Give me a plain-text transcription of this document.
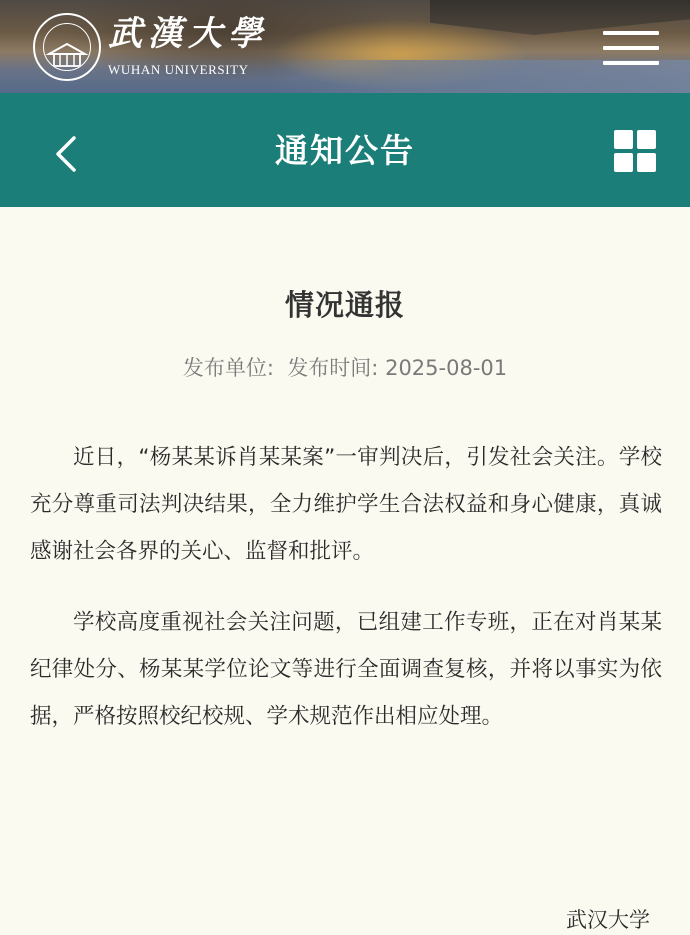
武漢大學
WUHAN UNIVERSITY
通知公告
情况通报
发布单位: 发布时间: 2025-08-01

近日，“杨某某诉肖某某案”一审判决后，引发社会关注。学校充分尊重司法判决结果，全力维护学生合法权益和身心健康，真诚感谢社会各界的关心、监督和批评。

学校高度重视社会关注问题，已组建工作专班，正在对肖某某纪律处分、杨某某学位论文等进行全面调查复核，并将以事实为依据，严格按照校纪校规、学术规范作出相应处理。

武汉大学
